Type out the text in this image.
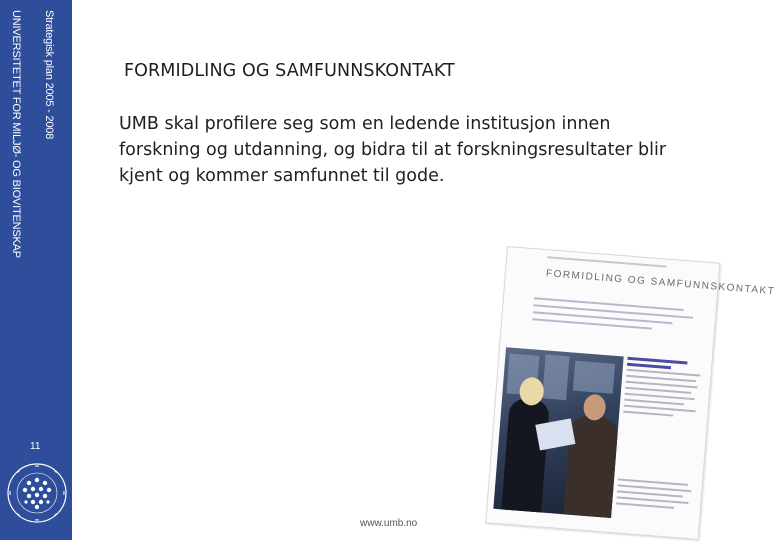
UNIVERSITETET FOR MILJØ- OG BIOVITENSKAP Strategisk plan 2005 - 2008
11
FORMIDLING OG SAMFUNNSKONTAKT
UMB skal profilere seg som en ledende institusjon innen
forskning og utdanning, og bidra til at forskningsresultater blir
kjent og kommer samfunnet til gode.
FORMIDLING OG SAMFUNNSKONTAKT
www.umb.no
